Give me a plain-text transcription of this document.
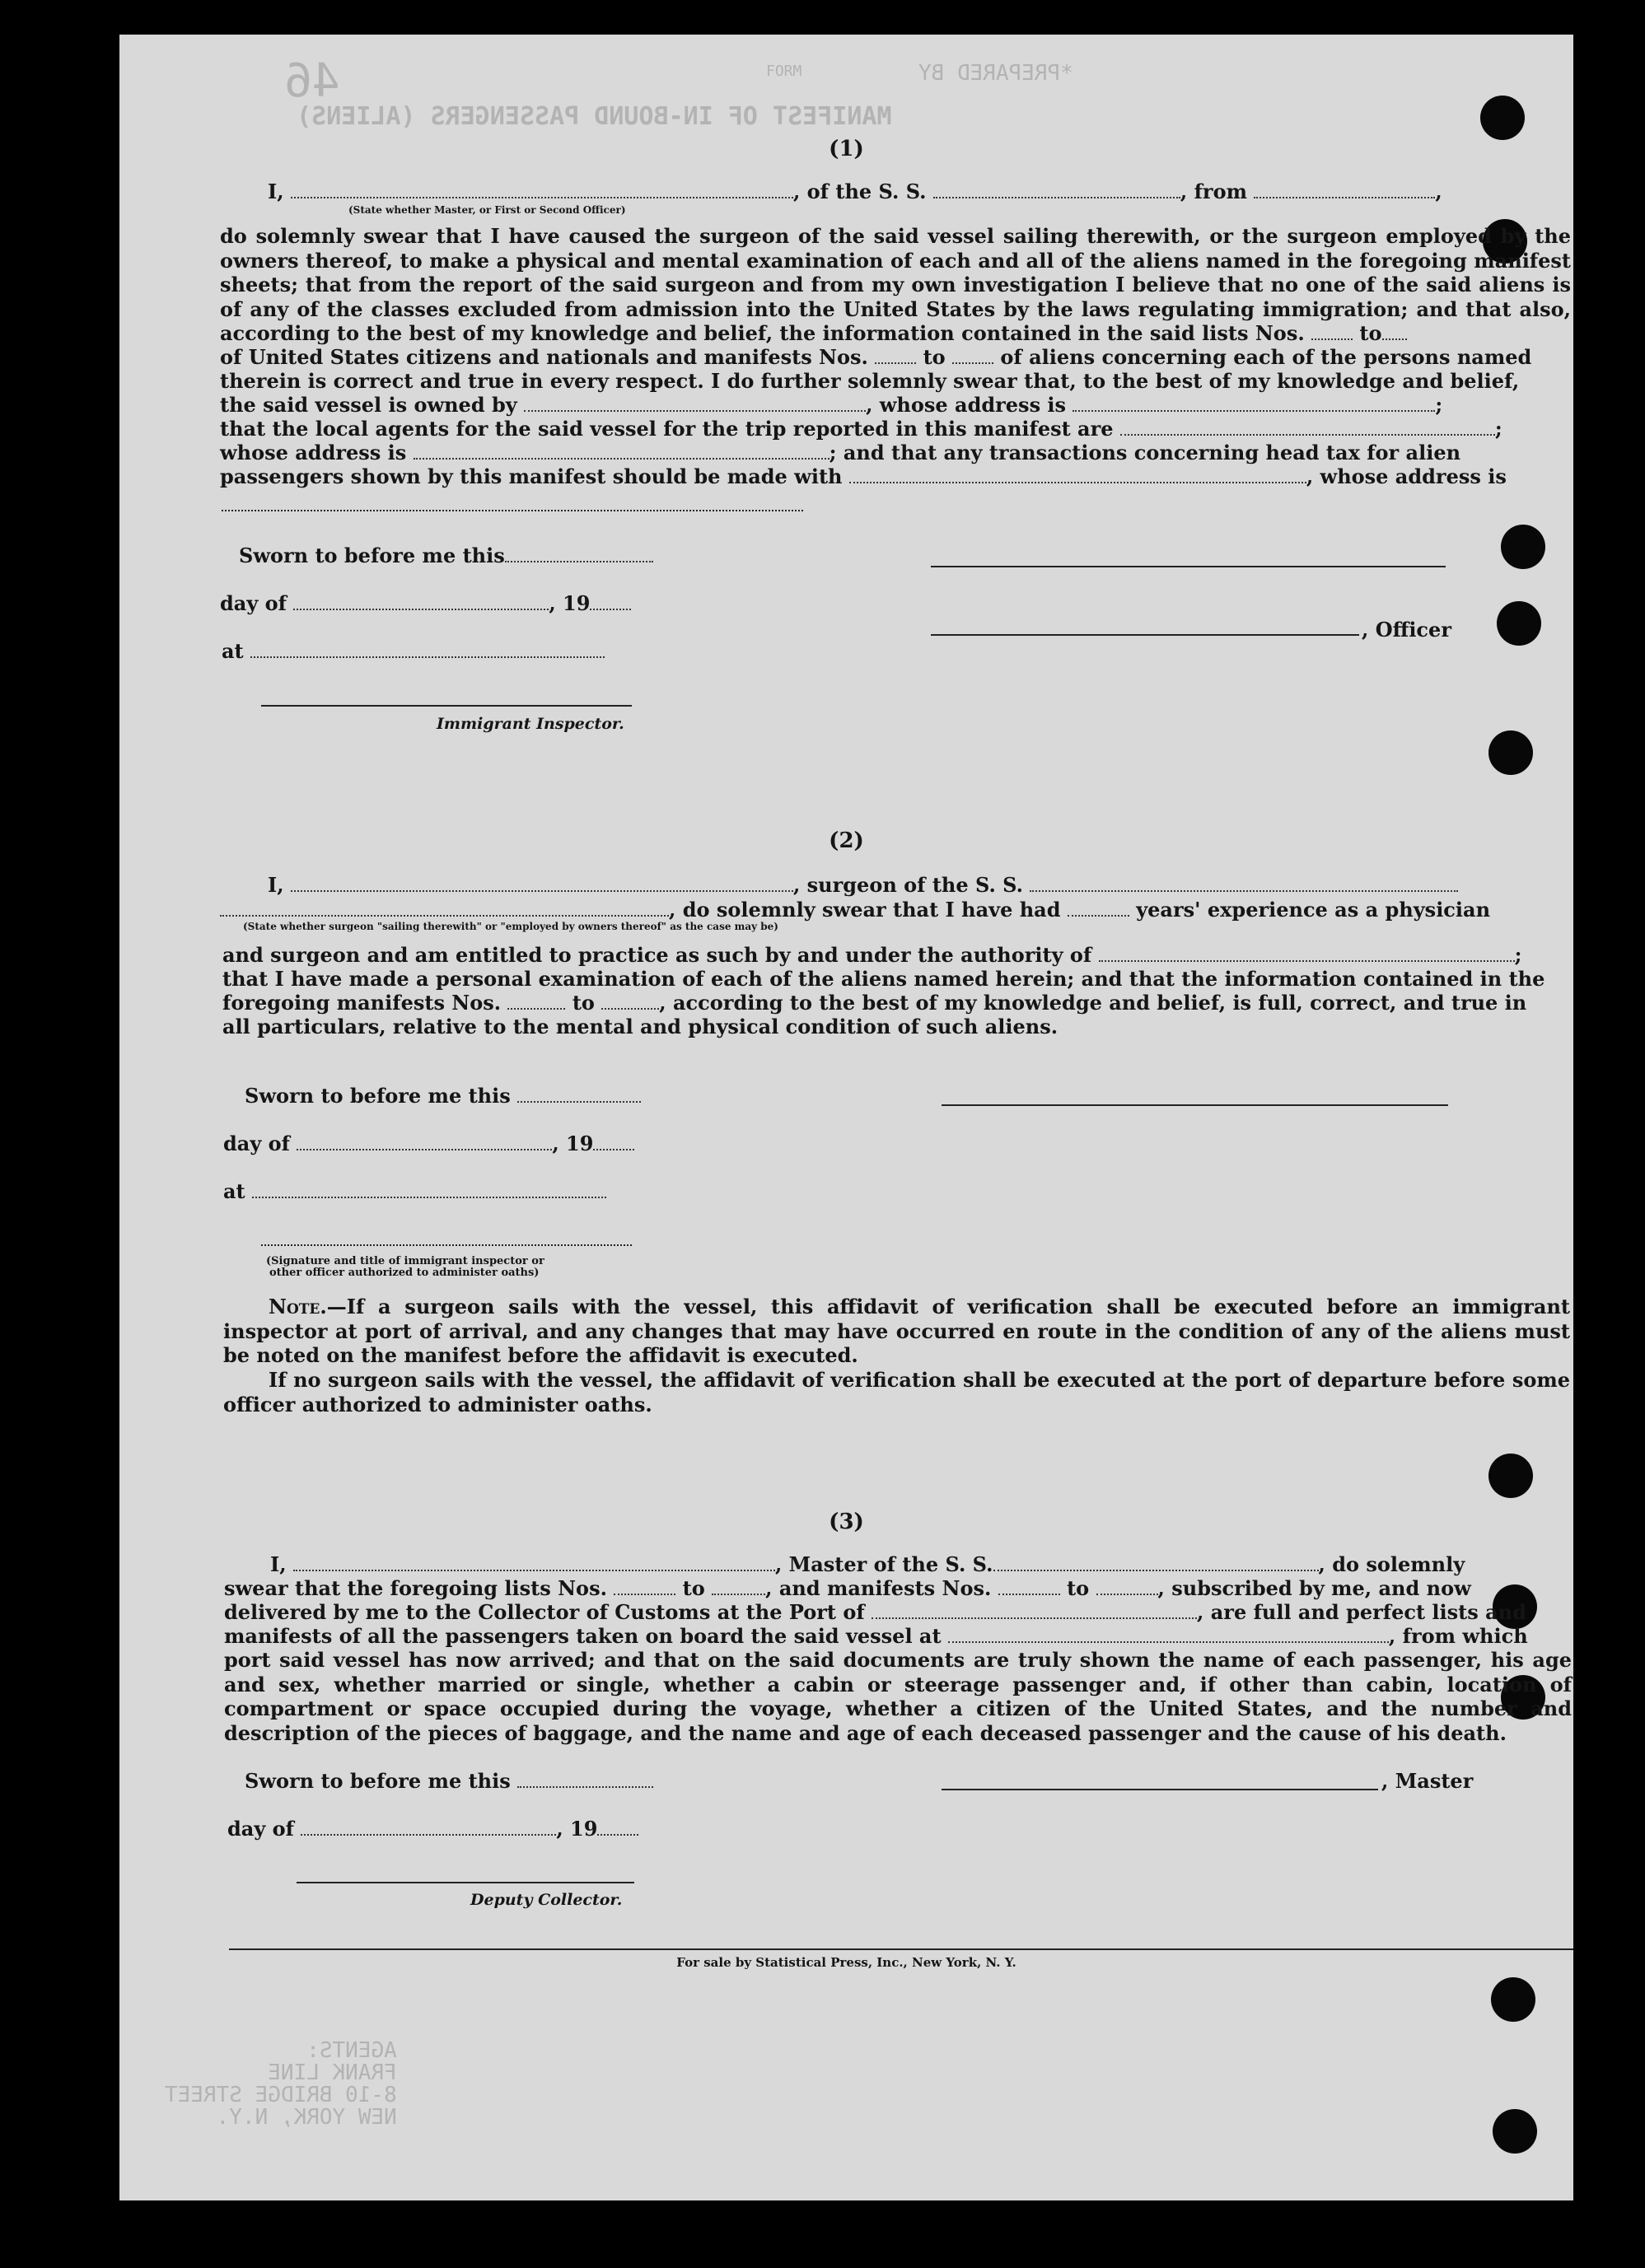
*PREPARED BY
FORM
MANIFEST OF IN-BOUND PASSENGERS (ALIENS)
46
(1)
I,	, of the S. S.	, from	,
(State whether Master, or First or Second Officer)
do solemnly swear that I have caused the surgeon of the said vessel sailing therewith, or the surgeon employed by the owners thereof, to make a physical and mental examination of each and all of the aliens named in the foregoing manifest sheets; that from the report of the said surgeon and from my own investigation I believe that no one of the said aliens is of any of the classes excluded from admission into the United States by the laws regulating immigration; and that also, according to the best of my knowledge and belief, the information contained in the said lists Nos.	to
of United States citizens and nationals and manifests Nos.	to	of aliens concerning each of the persons named
therein is correct and true in every respect. I do further solemnly swear that, to the best of my knowledge and belief,
the said vessel is owned by	, whose address is	;
that the local agents for the said vessel for the trip reported in this manifest are	;
whose address is	; and that any transactions concerning head tax for alien
passengers shown by this manifest should be made with	, whose address is
Sworn to before me this
day of	, 19
at
Immigrant Inspector.
, Officer
(2)
I,	, surgeon of the S. S.
, do solemnly swear that I have had	years' experience as a physician
(State whether surgeon "sailing therewith" or "employed by owners thereof" as the case may be)
and surgeon and am entitled to practice as such by and under the authority of	;
that I have made a personal examination of each of the aliens named herein; and that the information contained in the
foregoing manifests Nos.	to	, according to the best of my knowledge and belief, is full, correct, and true in
all particulars, relative to the mental and physical condition of such aliens.
Sworn to before me this
day of	, 19
at
(Signature and title of immigrant inspector or
other officer authorized to administer oaths)
Note.—If a surgeon sails with the vessel, this affidavit of verification shall be executed before an immigrant inspector at port of arrival, and any changes that may have occurred en route in the condition of any of the aliens must be noted on the manifest before the affidavit is executed.
If no surgeon sails with the vessel, the affidavit of verification shall be executed at the port of departure before some officer authorized to administer oaths.
(3)
I,	, Master of the S. S.	, do solemnly
swear that the foregoing lists Nos.	to	, and manifests Nos.	to	, subscribed by me, and now
delivered by me to the Collector of Customs at the Port of	, are full and perfect lists and
manifests of all the passengers taken on board the said vessel at	, from which
port said vessel has now arrived; and that on the said documents are truly shown the name of each passenger, his age and sex, whether married or single, whether a cabin or steerage passenger and, if other than cabin, location of compartment or space occupied during the voyage, whether a citizen of the United States, and the number and description of the pieces of baggage, and the name and age of each deceased passenger and the cause of his death.
Sworn to before me this	, Master
day of	, 19
Deputy Collector.
For sale by Statistical Press, Inc., New York, N. Y.
AGENTS:
FRANK LINE
8-10 BRIDGE STREET
NEW YORK, N.Y.
